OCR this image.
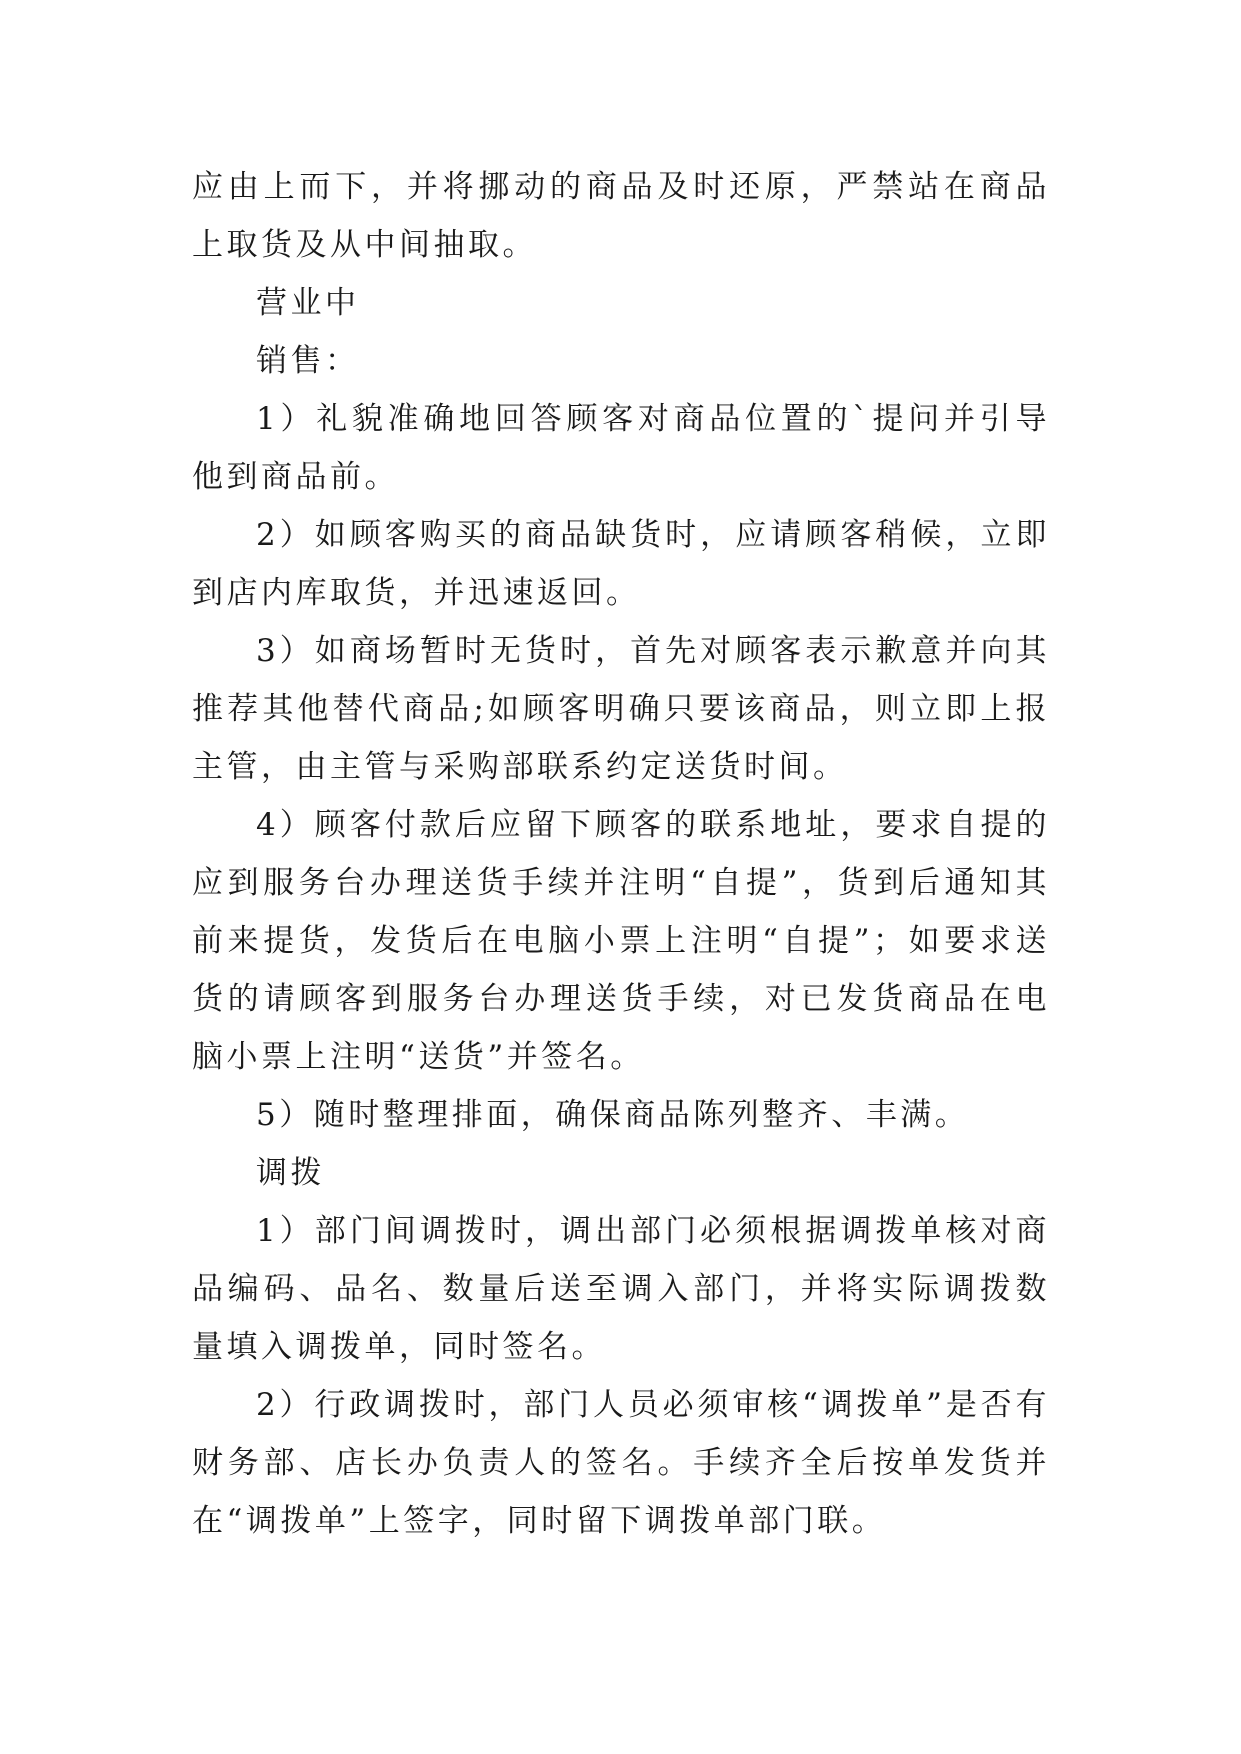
应由上而下，并将挪动的商品及时还原，严禁站在商品上取货及从中间抽取。

营业中

销售：

1）礼貌准确地回答顾客对商品位置的`提问并引导他到商品前。

2）如顾客购买的商品缺货时，应请顾客稍候，立即到店内库取货，并迅速返回。

3）如商场暂时无货时，首先对顾客表示歉意并向其推荐其他替代商品;如顾客明确只要该商品，则立即上报主管，由主管与采购部联系约定送货时间。

4）顾客付款后应留下顾客的联系地址，要求自提的应到服务台办理送货手续并注明“自提”，货到后通知其前来提货，发货后在电脑小票上注明“自提”；如要求送货的请顾客到服务台办理送货手续，对已发货商品在电脑小票上注明“送货”并签名。

5）随时整理排面，确保商品陈列整齐、丰满。

调拨

1）部门间调拨时，调出部门必须根据调拨单核对商品编码、品名、数量后送至调入部门，并将实际调拨数量填入调拨单，同时签名。

2）行政调拨时，部门人员必须审核“调拨单”是否有财务部、店长办负责人的签名。手续齐全后按单发货并在“调拨单”上签字，同时留下调拨单部门联。
